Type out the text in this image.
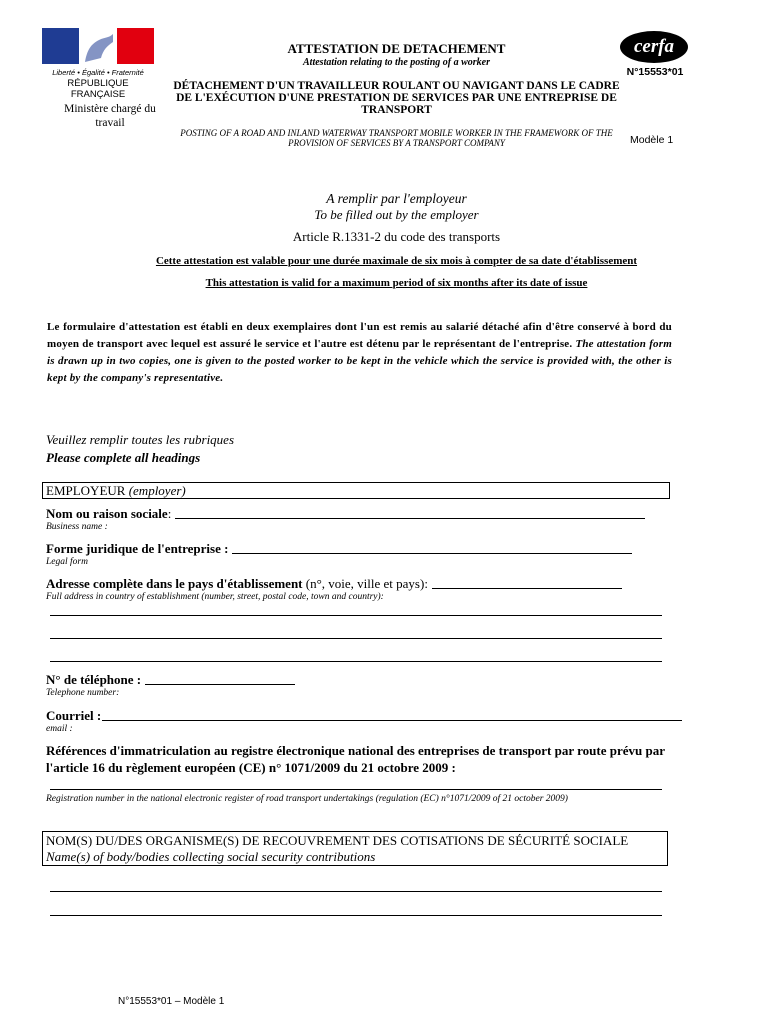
Liberté • Égalité • Fraternité
RÉPUBLIQUE FRANÇAISE
Ministère chargé du travail
cerfa
N°15553*01
Modèle 1
ATTESTATION DE DETACHEMENT
Attestation relating to the posting of a worker
DÉTACHEMENT D'UN TRAVAILLEUR ROULANT OU NAVIGANT DANS LE CADRE DE L'EXÉCUTION D'UNE PRESTATION DE SERVICES PAR UNE ENTREPRISE DE TRANSPORT
POSTING OF A ROAD AND INLAND WATERWAY TRANSPORT MOBILE WORKER IN THE FRAMEWORK OF THE PROVISION OF SERVICES BY A TRANSPORT COMPANY
A remplir par l'employeur
To be filled out by the employer
Article R.1331-2 du code des transports
Cette attestation est valable pour une durée maximale de six mois à compter de sa date d'établissement
This attestation is valid for a maximum period of six months after its date of issue
Le formulaire d'attestation est établi en deux exemplaires dont l'un est remis au salarié détaché afin d'être conservé à bord du moyen de transport avec lequel est assuré le service et l'autre est détenu par le représentant de l'entreprise. The attestation form is drawn up in two copies, one is given to the posted worker to be kept in the vehicle which the service is provided with, the other is kept by the company's representative.
Veuillez remplir toutes les rubriques
Please complete all headings
EMPLOYEUR (employer)
Nom ou raison sociale :
Business name :
Forme juridique de l'entreprise :
Legal form
Adresse complète dans le pays d'établissement
(n°, voie, ville et pays):
Full address in country of establishment (number, street, postal code, town and country):
N° de téléphone :
Telephone number:
Courriel :
email :
Références d'immatriculation au registre électronique national des entreprises de transport par route prévu par l'article 16 du règlement européen (CE) n° 1071/2009 du 21 octobre 2009 :
Registration number in the national electronic register of road transport undertakings (regulation (EC) n°1071/2009 of 21 october 2009)
NOM(S) DU/DES ORGANISME(S) DE RECOUVREMENT DES COTISATIONS DE SÉCURITÉ SOCIALE Name(s) of body/bodies collecting social security contributions
N°15553*01 – Modèle 1
